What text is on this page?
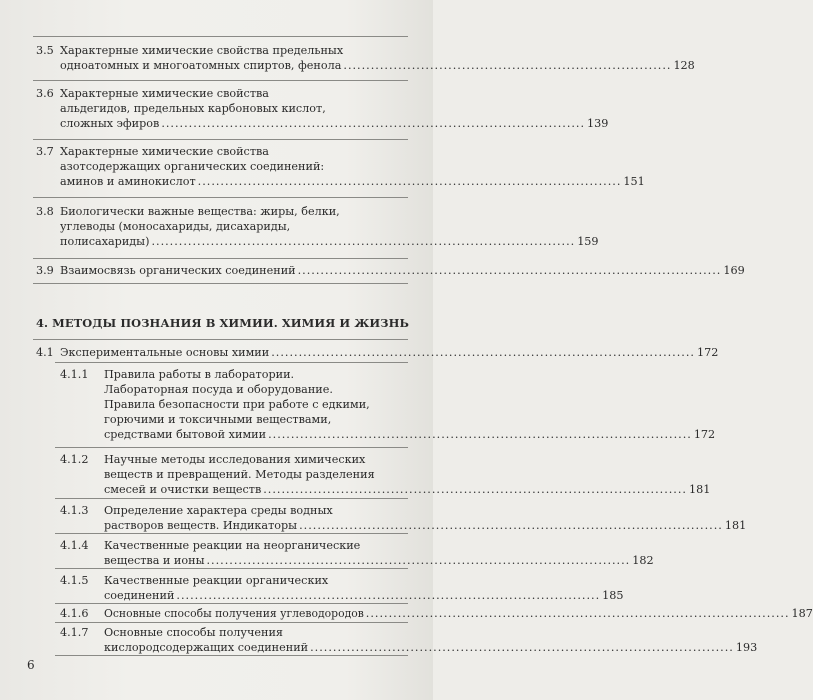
3.5 Характерные химические свойства предельных
одноатомных и многоатомных спиртов, фенола ........................................................................ 128
3.6 Характерные химические свойства
альдегидов, предельных карбоновых кислот,
сложных эфиров ............................................................................................. 139
3.7 Характерные химические свойства
азотсодержащих органических соединений:
аминов и аминокислот ............................................................................................. 151
3.8 Биологически важные вещества: жиры, белки,
углеводы (моносахариды, дисахариды,
полисахариды) ............................................................................................. 159
3.9 Взаимосвязь органических соединений ............................................................................................. 169
4. МЕТОДЫ ПОЗНАНИЯ В ХИМИИ. ХИМИЯ И ЖИЗНЬ
4.1 Экспериментальные основы химии ............................................................................................. 172
4.1.1 Правила работы в лаборатории.
Лабораторная посуда и оборудование.
Правила безопасности при работе с едкими,
горючими и токсичными веществами,
средствами бытовой химии ............................................................................................. 172
4.1.2 Научные методы исследования химических
веществ и превращений. Методы разделения
смесей и очистки веществ ............................................................................................. 181
4.1.3 Определение характера среды водных
растворов веществ. Индикаторы ............................................................................................. 181
4.1.4 Качественные реакции на неорганические
вещества и ионы ............................................................................................. 182
4.1.5 Качественные реакции органических
соединений ............................................................................................. 185
4.1.6 Основные способы получения углеводородов ............................................................................................. 187
4.1.7 Основные способы получения
кислородсодержащих соединений ............................................................................................. 193
6
